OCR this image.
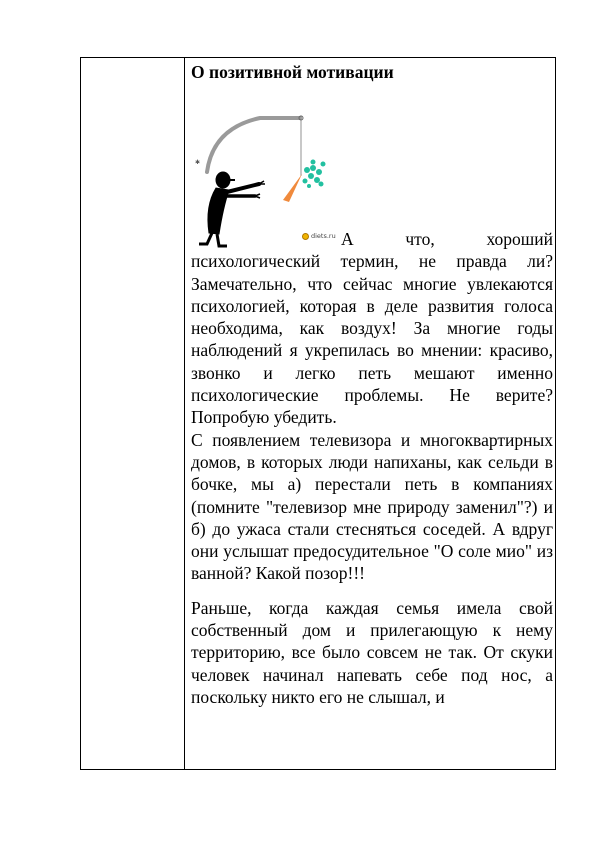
О позитивной мотивации
✱
diets.ru А что, хороший психологический термин, не правда ли? Замечательно, что сейчас многие увлекаются психологией, которая в деле развития голоса необходима, как воздух! За многие годы наблюдений я укрепилась во мнении: красиво, звонко и легко петь мешают именно психологические проблемы. Не верите? Попробую убедить.

С появлением телевизора и многоквартирных домов, в которых люди напиханы, как сельди в бочке, мы а) перестали петь в компаниях (помните "телевизор мне природу заменил"?) и б) до ужаса стали стесняться соседей. А вдруг они услышат предосудительное "О соле мио" из ванной? Какой позор!!!

Раньше, когда каждая семья имела свой собственный дом и прилегающую к нему территорию, все было совсем не так. От скуки человек начинал напевать себе под нос, а поскольку никто его не слышал, и
